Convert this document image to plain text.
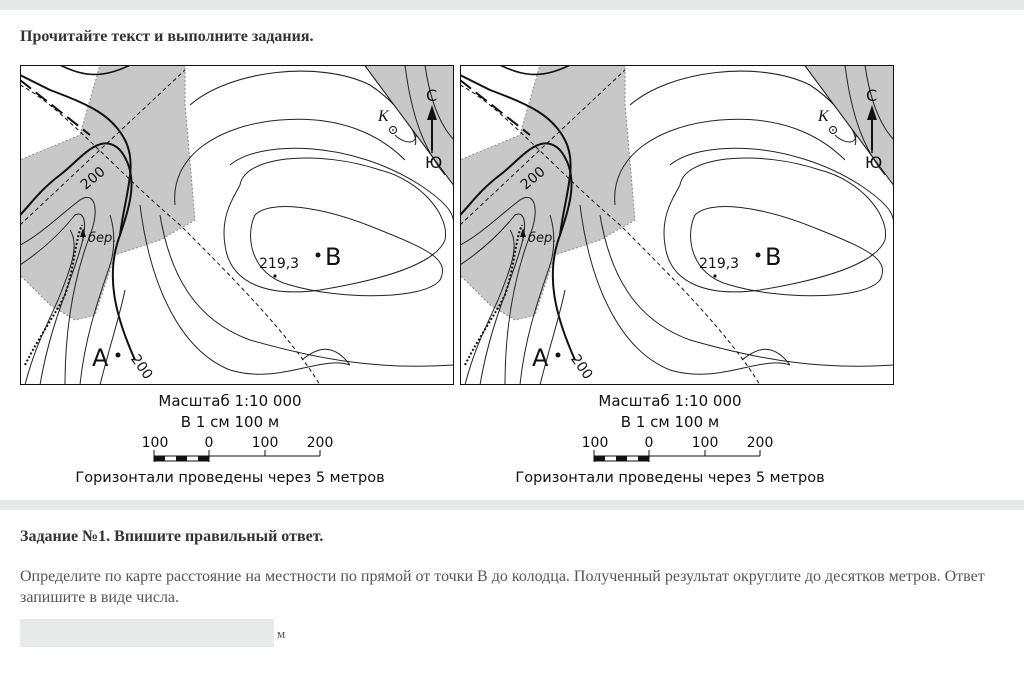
Прочитайте текст и выполните задания.
С
Ю
К
бер.
200
200
219,3
А
В
С
Ю
К
бер.
200
200
219,3
А
В
Масштаб 1:10 000
В 1 см 100 м
100	0	100 200
Горизонтали проведены через 5 метров
Масштаб 1:10 000
В 1 см 100 м
100	0	100 200
Горизонтали проведены через 5 метров
Задание №1. Впишите правильный ответ.
Определите по карте расстояние на местности по прямой от точки В до колодца. Полученный результат округлите до десятков метров. Ответ запишите в виде числа.
м
